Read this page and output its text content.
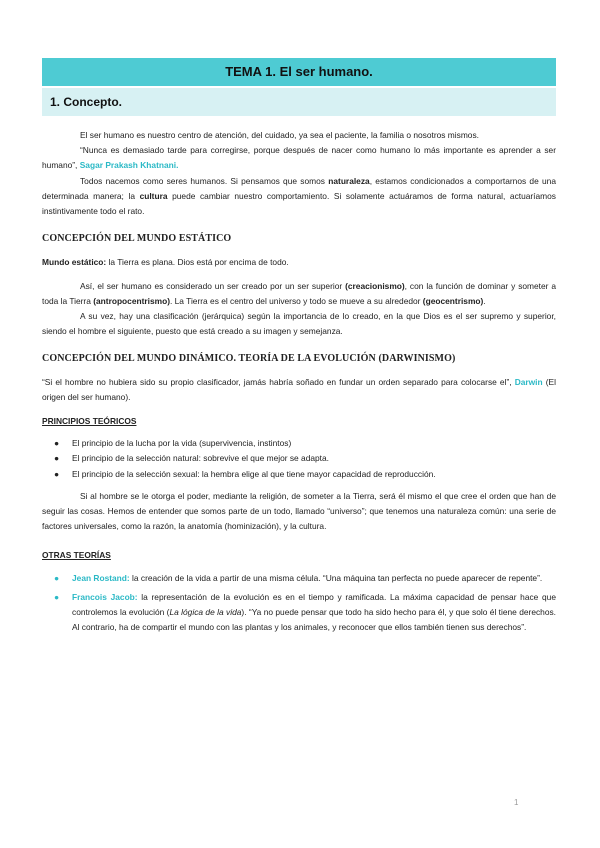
TEMA 1. El ser humano.
1. Concepto.

El ser humano es nuestro centro de atención, del cuidado, ya sea el paciente, la familia o nosotros mismos.

“Nunca es demasiado tarde para corregirse, porque después de nacer como humano lo más importante es aprender a ser humano”, Sagar Prakash Khatnani.

Todos nacemos como seres humanos. Si pensamos que somos naturaleza, estamos condicionados a comportarnos de una determinada manera; la cultura puede cambiar nuestro comportamiento. Si solamente actuáramos de forma natural, actuaríamos instintivamente todo el rato.

CONCEPCIÓN DEL MUNDO ESTÁTICO

Mundo estático: la Tierra es plana. Dios está por encima de todo.

Así, el ser humano es considerado un ser creado por un ser superior (creacionismo), con la función de dominar y someter a toda la Tierra (antropocentrismo). La Tierra es el centro del universo y todo se mueve a su alrededor (geocentrismo).

A su vez, hay una clasificación (jerárquica) según la importancia de lo creado, en la que Dios es el ser supremo y superior, siendo el hombre el siguiente, puesto que está creado a su imagen y semejanza.

CONCEPCIÓN DEL MUNDO DINÁMICO. TEORÍA DE LA EVOLUCIÓN (DARWINISMO)

“Si el hombre no hubiera sido su propio clasificador, jamás habría soñado en fundar un orden separado para colocarse el”, Darwin (El origen del ser humano).

PRINCIPIOS TEÓRICOS

● El principio de la lucha por la vida (supervivencia, instintos)
● El principio de la selección natural: sobrevive el que mejor se adapta.
● El principio de la selección sexual: la hembra elige al que tiene mayor capacidad de reproducción.

Si al hombre se le otorga el poder, mediante la religión, de someter a la Tierra, será él mismo el que cree el orden que han de seguir las cosas. Hemos de entender que somos parte de un todo, llamado “universo”; que tenemos una naturaleza común: una serie de factores universales, como la razón, la anatomía (hominización), y la cultura.

OTRAS TEORÍAS

● Jean Rostand: la creación de la vida a partir de una misma célula. “Una máquina tan perfecta no puede aparecer de repente”.
● Francois Jacob: la representación de la evolución es en el tiempo y ramificada. La máxima capacidad de pensar hace que controlemos la evolución (La lógica de la vida). “Ya no puede pensar que todo ha sido hecho para él, y que solo él tiene derechos. Al contrario, ha de compartir el mundo con las plantas y los animales, y reconocer que ellos también tienen sus derechos”.
1
